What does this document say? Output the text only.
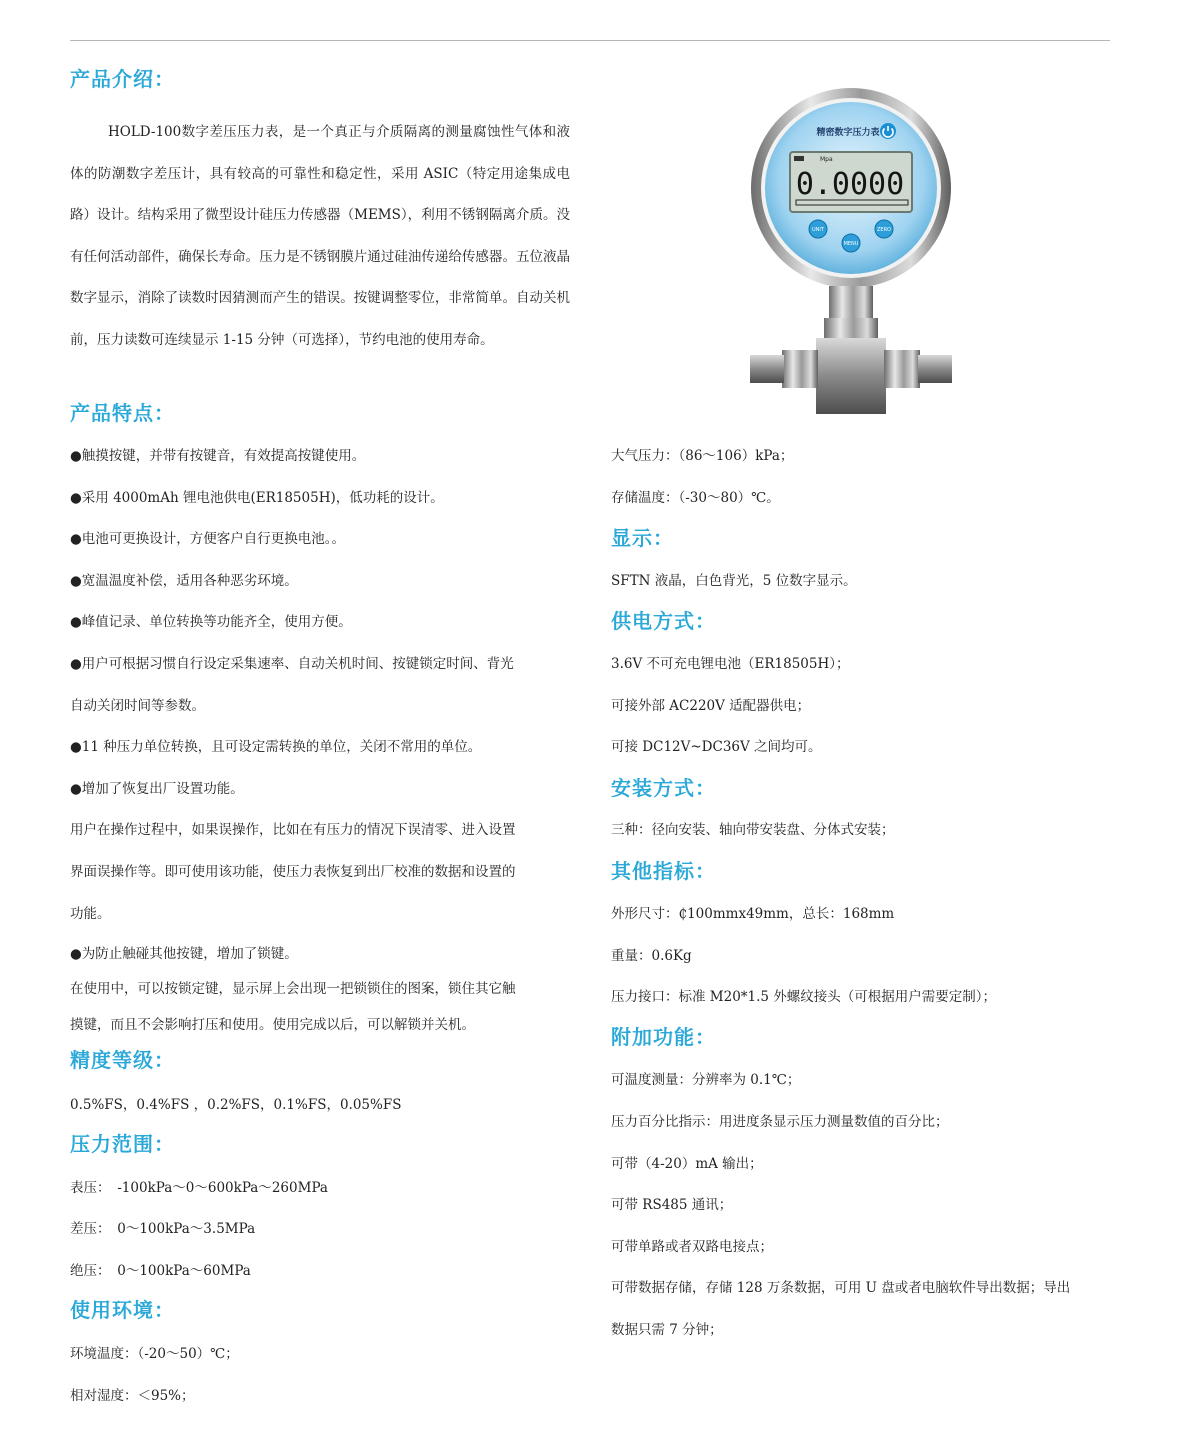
产品介绍：

HOLD-100数字差压压力表，是一个真正与介质隔离的测量腐蚀性气体和液体的防潮数字差压计，具有较高的可靠性和稳定性，采用 ASIC（特定用途集成电路）设计。结构采用了微型设计硅压力传感器（MEMS），利用不锈钢隔离介质。没有任何活动部件，确保长寿命。压力是不锈钢膜片通过硅油传递给传感器。五位液晶数字显示，消除了读数时因猜测而产生的错误。按键调整零位，非常简单。自动关机前，压力读数可连续显示 1-15 分钟（可选择），节约电池的使用寿命。

精密数字压力表
Mpa
0.0000
UNIT
MENU
ZERO
产品特点：

●触摸按键，并带有按键音，有效提高按键使用。

●采用 4000mAh 锂电池供电(ER18505H)，低功耗的设计。

●电池可更换设计，方便客户自行更换电池。。

●宽温温度补偿，适用各种恶劣环境。

●峰值记录、单位转换等功能齐全，使用方便。

●用户可根据习惯自行设定采集速率、自动关机时间、按键锁定时间、背光

自动关闭时间等参数。

●11 种压力单位转换，且可设定需转换的单位，关闭不常用的单位。

●增加了恢复出厂设置功能。

用户在操作过程中，如果误操作，比如在有压力的情况下误清零、进入设置

界面误操作等。即可使用该功能，使压力表恢复到出厂校准的数据和设置的

功能。

●为防止触碰其他按键，增加了锁键。

在使用中，可以按锁定键，显示屏上会出现一把锁锁住的图案，锁住其它触

摸键，而且不会影响打压和使用。使用完成以后，可以解锁并关机。

精度等级：

0.5%FS，0.4%FS ，0.2%FS，0.1%FS，0.05%FS

压力范围：

表压：　-100kPa～0～600kPa～260MPa

差压：　0～100kPa～3.5MPa

绝压：　0～100kPa～60MPa

使用环境：

环境温度：（-20～50）℃；

相对湿度：＜95%；

大气压力：（86～106）kPa；

存储温度：（-30～80）℃。

显示：

SFTN 液晶，白色背光，5 位数字显示。

供电方式：

3.6V 不可充电锂电池（ER18505H）；

可接外部 AC220V 适配器供电；

可接 DC12V~DC36V 之间均可。

安装方式：

三种：径向安装、轴向带安装盘、分体式安装；

其他指标：

外形尺寸：₵100mmx49mm，总长：168mm

重量：0.6Kg

压力接口：标准 M20*1.5 外螺纹接头（可根据用户需要定制）；

附加功能：

可温度测量：分辨率为 0.1℃；

压力百分比指示：用进度条显示压力测量数值的百分比；

可带（4-20）mA 输出；

可带 RS485 通讯；

可带单路或者双路电接点；

可带数据存储，存储 128 万条数据，可用 U 盘或者电脑软件导出数据；导出

数据只需 7 分钟；
